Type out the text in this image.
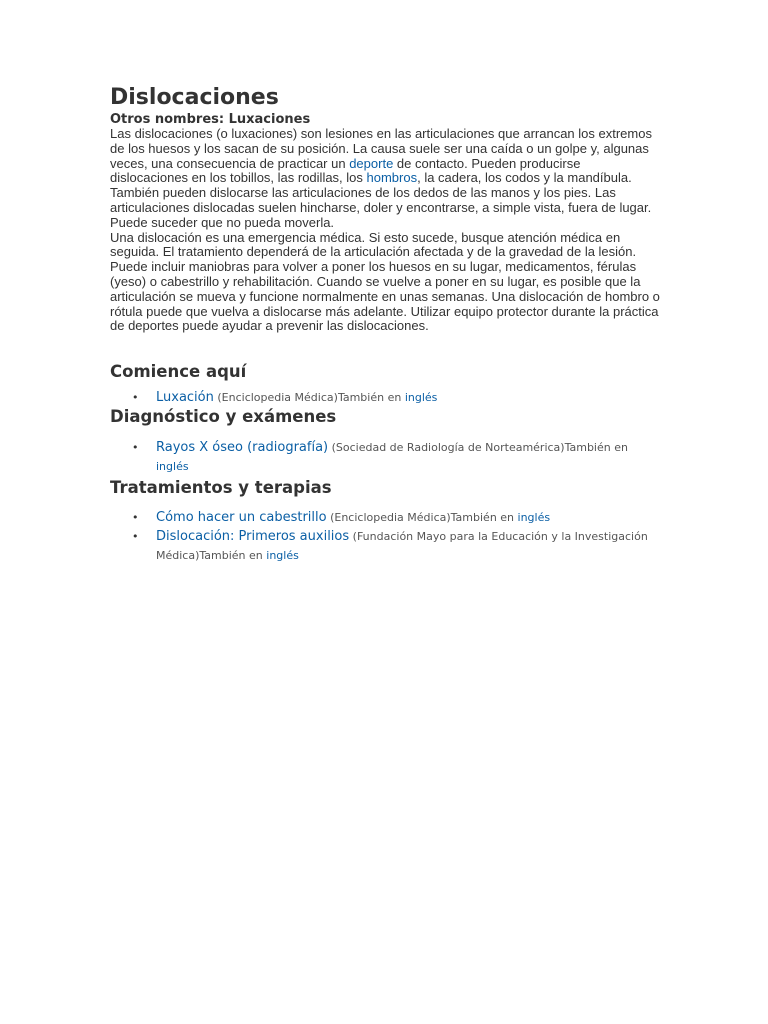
Dislocaciones

Otros nombres: Luxaciones

Las dislocaciones (o luxaciones) son lesiones en las articulaciones que arrancan los extremos de los huesos y los sacan de su posición. La causa suele ser una caída o un golpe y, algunas veces, una consecuencia de practicar un deporte de contacto. Pueden producirse dislocaciones en los tobillos, las rodillas, los hombros, la cadera, los codos y la mandíbula. También pueden dislocarse las articulaciones de los dedos de las manos y los pies. Las articulaciones dislocadas suelen hincharse, doler y encontrarse, a simple vista, fuera de lugar. Puede suceder que no pueda moverla.

Una dislocación es una emergencia médica. Si esto sucede, busque atención médica en seguida. El tratamiento dependerá de la articulación afectada y de la gravedad de la lesión. Puede incluir maniobras para volver a poner los huesos en su lugar, medicamentos, férulas (yeso) o cabestrillo y rehabilitación. Cuando se vuelve a poner en su lugar, es posible que la articulación se mueva y funcione normalmente en unas semanas. Una dislocación de hombro o rótula puede que vuelva a dislocarse más adelante. Utilizar equipo protector durante la práctica de deportes puede ayudar a prevenir las dislocaciones.

Comience aquí
• Luxación (Enciclopedia Médica)También en inglés
Diagnóstico y exámenes
• Rayos X óseo (radiografía) (Sociedad de Radiología de Norteamérica)También en inglés
Tratamientos y terapias
• Cómo hacer un cabestrillo (Enciclopedia Médica)También en inglés
• Dislocación: Primeros auxilios (Fundación Mayo para la Educación y la Investigación Médica)También en inglés
